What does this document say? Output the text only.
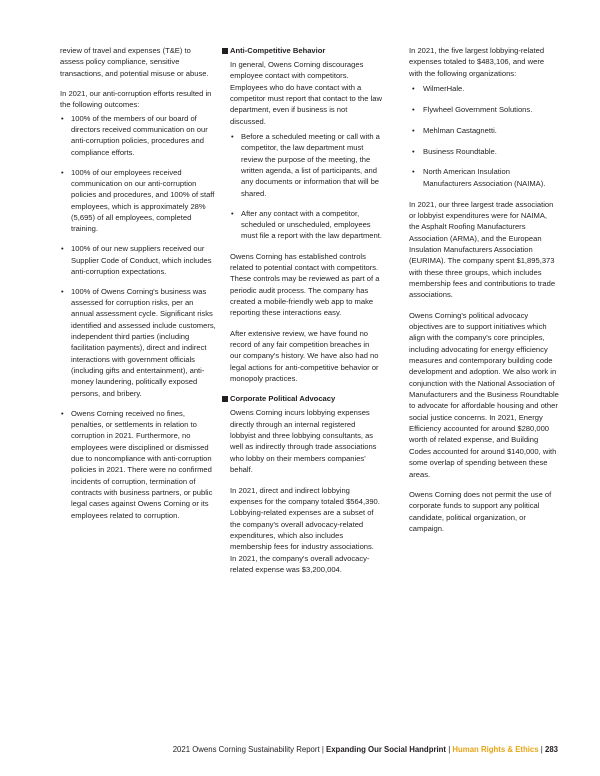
review of travel and expenses (T&E) to assess policy compliance, sensitive transactions, and potential misuse or abuse.

In 2021, our anti-corruption efforts resulted in the following outcomes:

• 100% of the members of our board of directors received communication on our anti-corruption policies, procedures and compliance efforts.
• 100% of our employees received communication on our anti-corruption policies and procedures, and 100% of staff employees, which is approximately 28% (5,695) of all employees, completed training.
• 100% of our new suppliers received our Supplier Code of Conduct, which includes anti-corruption expectations.
• 100% of Owens Corning's business was assessed for corruption risks, per an annual assessment cycle. Significant risks identified and assessed include customers, independent third parties (including facilitation payments), direct and indirect interactions with government officials (including gifts and entertainment), anti-money laundering, politically exposed persons, and bribery.
• Owens Corning received no fines, penalties, or settlements in relation to corruption in 2021. Furthermore, no employees were disciplined or dismissed due to noncompliance with anti-corruption policies in 2021. There were no confirmed incidents of corruption, termination of contracts with business partners, or public legal cases against Owens Corning or its employees related to corruption.
Anti-Competitive Behavior

In general, Owens Corning discourages employee contact with competitors. Employees who do have contact with a competitor must report that contact to the law department, even if business is not discussed.

• Before a scheduled meeting or call with a competitor, the law department must review the purpose of the meeting, the written agenda, a list of participants, and any documents or information that will be shared.
• After any contact with a competitor, scheduled or unscheduled, employees must file a report with the law department.

Owens Corning has established controls related to potential contact with competitors. These controls may be reviewed as part of a periodic audit process. The company has created a mobile-friendly web app to make reporting these interactions easy.

After extensive review, we have found no record of any fair competition breaches in our company's history. We have also had no legal actions for anti-competitive behavior or monopoly practices.

Corporate Political Advocacy

Owens Corning incurs lobbying expenses directly through an internal registered lobbyist and three lobbying consultants, as well as indirectly through trade associations who lobby on their members companies' behalf.

In 2021, direct and indirect lobbying expenses for the company totaled $564,390. Lobbying-related expenses are a subset of the company's overall advocacy-related expenditures, which also includes membership fees for industry associations. In 2021, the company's overall advocacy-related expense was $3,200,004.

In 2021, the five largest lobbying-related expenses totaled to $483,106, and were with the following organizations:

• WilmerHale.
• Flywheel Government Solutions.
• Mehlman Castagnetti.
• Business Roundtable.
• North American Insulation Manufacturers Association (NAIMA).

In 2021, our three largest trade association or lobbyist expenditures were for NAIMA, the Asphalt Roofing Manufacturers Association (ARMA), and the European Insulation Manufacturers Association (EURIMA). The company spent $1,895,373 with these three groups, which includes membership fees and contributions to trade associations.

Owens Corning's political advocacy objectives are to support initiatives which align with the company's core principles, including advocating for energy efficiency measures and contemporary building code development and adoption. We also work in conjunction with the National Association of Manufacturers and the Business Roundtable to advocate for affordable housing and other social justice concerns. In 2021, Energy Efficiency accounted for around $280,000 worth of related expense, and Building Codes accounted for around $140,000, with some overlap of spending between these areas.

Owens Corning does not permit the use of corporate funds to support any political candidate, political organization, or campaign.

2021 Owens Corning Sustainability Report | Expanding Our Social Handprint | Human Rights & Ethics | 283
